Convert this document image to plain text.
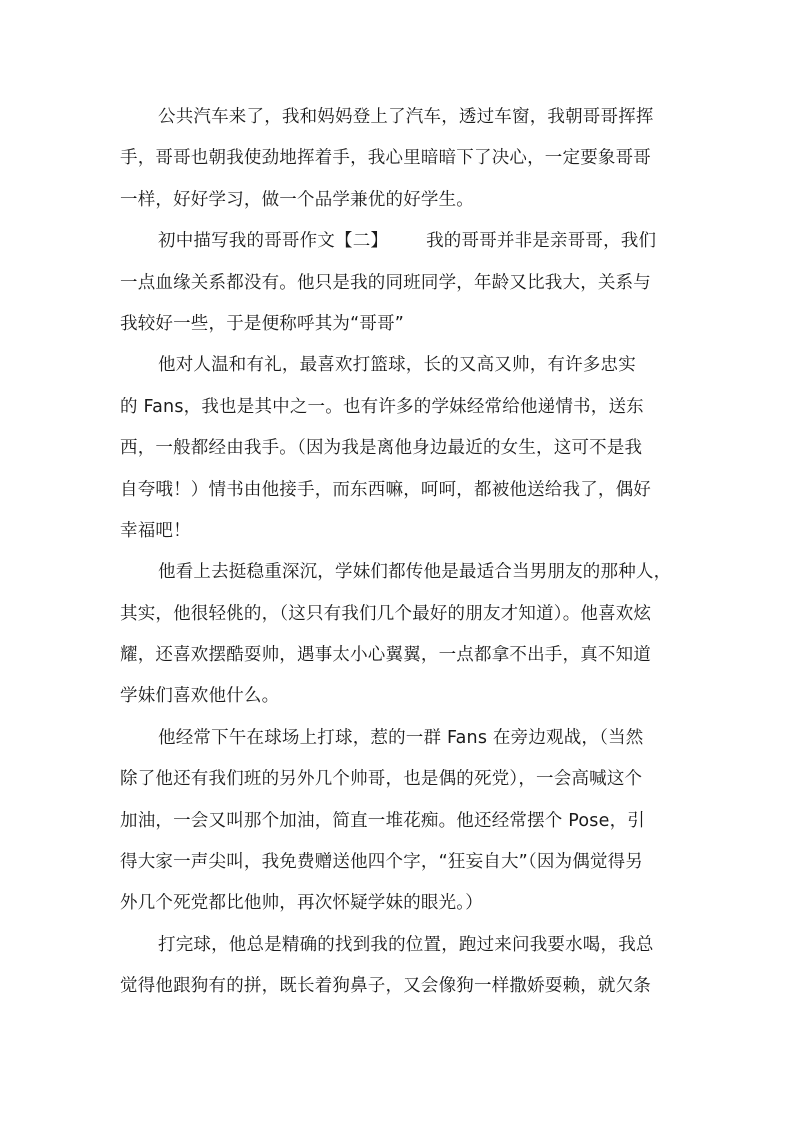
公共汽车来了，我和妈妈登上了汽车，透过车窗，我朝哥哥挥挥
手，哥哥也朝我使劲地挥着手，我心里暗暗下了决心，一定要象哥哥
一样，好好学习，做一个品学兼优的好学生。
初中描写我的哥哥作文【二】 我的哥哥并非是亲哥哥，我们
一点血缘关系都没有。他只是我的同班同学，年龄又比我大，关系与
我较好一些，于是便称呼其为“哥哥”
他对人温和有礼，最喜欢打篮球，长的又高又帅，有许多忠实
的 Fans，我也是其中之一。也有许多的学妹经常给他递情书，送东
西，一般都经由我手。（因为我是离他身边最近的女生，这可不是我
自夸哦！）情书由他接手，而东西嘛，呵呵，都被他送给我了，偶好
幸福吧！
他看上去挺稳重深沉，学妹们都传他是最适合当男朋友的那种人，
其实，他很轻佻的，（这只有我们几个最好的朋友才知道）。他喜欢炫
耀，还喜欢摆酷耍帅，遇事太小心翼翼，一点都拿不出手，真不知道
学妹们喜欢他什么。
他经常下午在球场上打球，惹的一群 Fans 在旁边观战，（当然
除了他还有我们班的另外几个帅哥，也是偶的死党），一会高喊这个
加油，一会又叫那个加油，简直一堆花痴。他还经常摆个 Pose，引
得大家一声尖叫，我免费赠送他四个字，“狂妄自大”（因为偶觉得另
外几个死党都比他帅，再次怀疑学妹的眼光。）
打完球，他总是精确的找到我的位置，跑过来问我要水喝，我总
觉得他跟狗有的拼，既长着狗鼻子，又会像狗一样撒娇耍赖，就欠条
